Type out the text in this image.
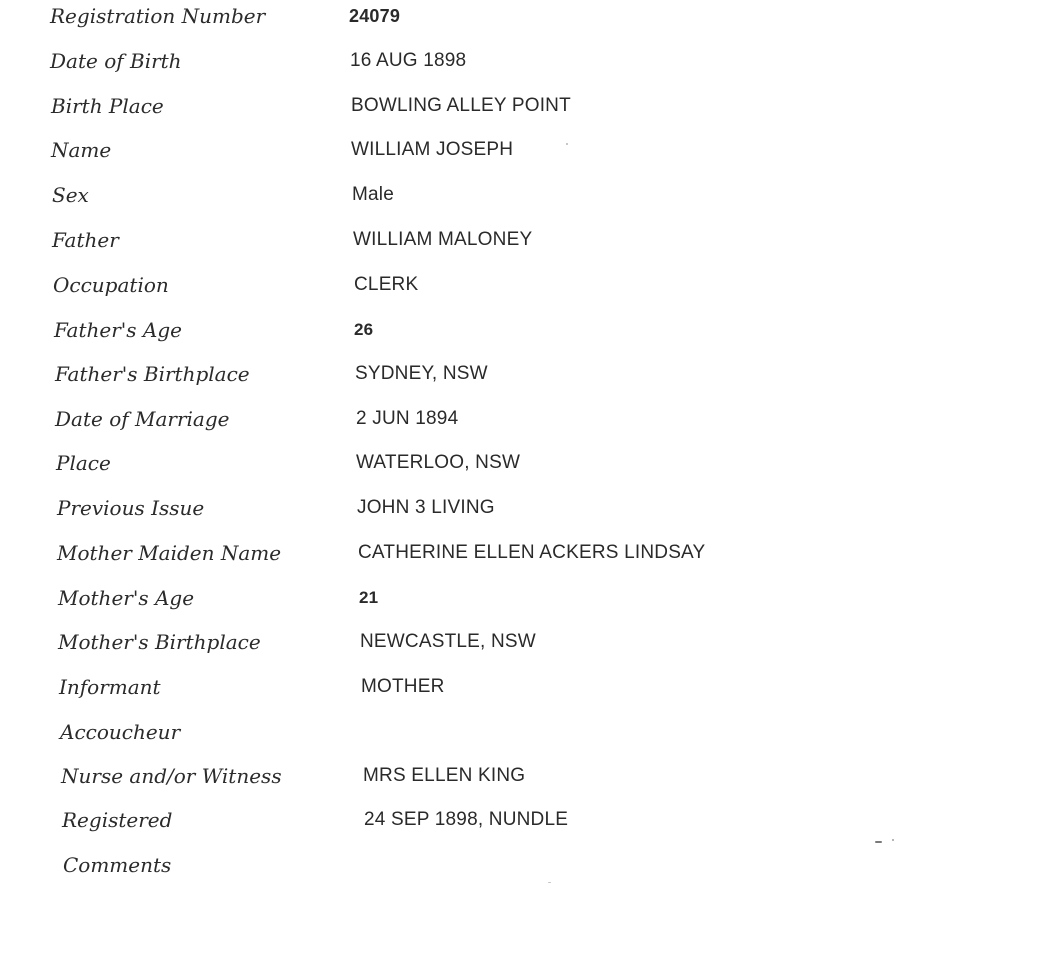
Registration Number	24079
Date of Birth	16 AUG 1898
Birth Place	BOWLING ALLEY POINT
Name	WILLIAM JOSEPH
Sex	Male
Father	WILLIAM MALONEY
Occupation	CLERK
Father's Age	26
Father's Birthplace	SYDNEY, NSW
Date of Marriage	2 JUN 1894
Place	WATERLOO, NSW
Previous Issue	JOHN 3 LIVING
Mother Maiden Name	CATHERINE ELLEN ACKERS LINDSAY
Mother's Age	21
Mother's Birthplace	NEWCASTLE, NSW
Informant	MOTHER
Accoucheur
Nurse and/or Witness	MRS ELLEN KING
Registered	24 SEP 1898, NUNDLE
Comments
